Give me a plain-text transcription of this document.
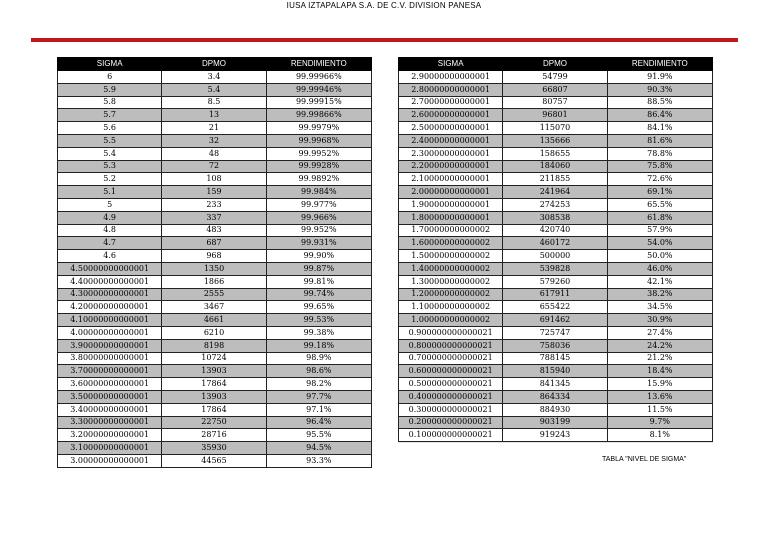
IUSA IZTAPALAPA S.A. DE C.V. DIVISION PANESA
SIGMA	DPMO	RENDIMIENTO
6	3.4	99.99966%
5.9	5.4	99.99946%
5.8	8.5	99.99915%
5.7	13	99.99866%
5.6	21	99.9979%
5.5	32	99.9968%
5.4	48	99.9952%
5.3	72	99.9928%
5.2	108	99.9892%
5.1	159	99.984%
5	233	99.977%
4.9	337	99.966%
4.8	483	99.952%
4.7	687	99.931%
4.6	968	99.90%
4.50000000000001	1350	99.87%
4.40000000000001	1866	99.81%
4.30000000000001	2555	99.74%
4.20000000000001	3467	99.65%
4.10000000000001	4661	99.53%
4.00000000000001	6210	99.38%
3.90000000000001	8198	99.18%
3.80000000000001	10724	98.9%
3.70000000000001	13903	98.6%
3.60000000000001	17864	98.2%
3.50000000000001	13903	97.7%
3.40000000000001	17864	97.1%
3.30000000000001	22750	96.4%
3.20000000000001	28716	95.5%
3.10000000000001	35930	94.5%
3.00000000000001	44565	93.3%
SIGMA	DPMO	RENDIMIENTO
2.90000000000001	54799	91.9%
2.80000000000001	66807	90.3%
2.70000000000001	80757	88.5%
2.60000000000001	96801	86.4%
2.50000000000001	115070	84.1%
2.40000000000001	135666	81.6%
2.30000000000001	158655	78.8%
2.20000000000001	184060	75.8%
2.10000000000001	211855	72.6%
2.00000000000001	241964	69.1%
1.90000000000001	274253	65.5%
1.80000000000001	308538	61.8%
1.70000000000002	420740	57.9%
1.60000000000002	460172	54.0%
1.50000000000002	500000	50.0%
1.40000000000002	539828	46.0%
1.30000000000002	579260	42.1%
1.20000000000002	617911	38.2%
1.10000000000002	655422	34.5%
1.00000000000002	691462	30.9%
0.900000000000021	725747	27.4%
0.800000000000021	758036	24.2%
0.700000000000021	788145	21.2%
0.600000000000021	815940	18.4%
0.500000000000021	841345	15.9%
0.400000000000021	864334	13.6%
0.300000000000021	884930	11.5%
0.200000000000021	903199	9.7%
0.100000000000021	919243	8.1%
TABLA "NIVEL DE SIGMA"
